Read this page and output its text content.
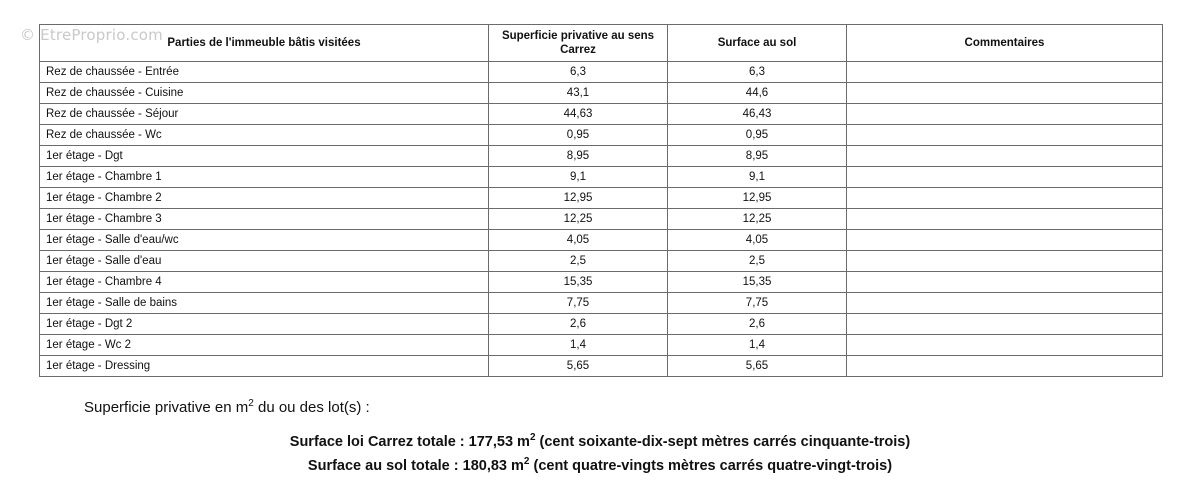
© EtreProprio.com Parties de l'immeuble bâtis visitées	Superficie privative au sens Carrez	Surface au sol	Commentaires
Rez de chaussée - Entrée	6,3	6,3	
Rez de chaussée - Cuisine	43,1	44,6	
Rez de chaussée - Séjour	44,63	46,43	
Rez de chaussée - Wc	0,95	0,95	
1er étage - Dgt	8,95	8,95	
1er étage - Chambre 1	9,1	9,1	
1er étage - Chambre 2	12,95	12,95	
1er étage - Chambre 3	12,25	12,25	
1er étage - Salle d'eau/wc	4,05	4,05	
1er étage - Salle d'eau	2,5	2,5	
1er étage - Chambre 4	15,35	15,35	
1er étage - Salle de bains	7,75	7,75	
1er étage - Dgt 2	2,6	2,6	
1er étage - Wc 2	1,4	1,4	
1er étage - Dressing	5,65	5,65	
Superficie privative en $m^2$ du ou des lot(s) :
Surface loi Carrez totale : 177,53 $m^2$ (cent soixante-dix-sept mètres carrés cinquante-trois)
Surface au sol totale : 180,83 $m^2$ (cent quatre-vingts mètres carrés quatre-vingt-trois)
